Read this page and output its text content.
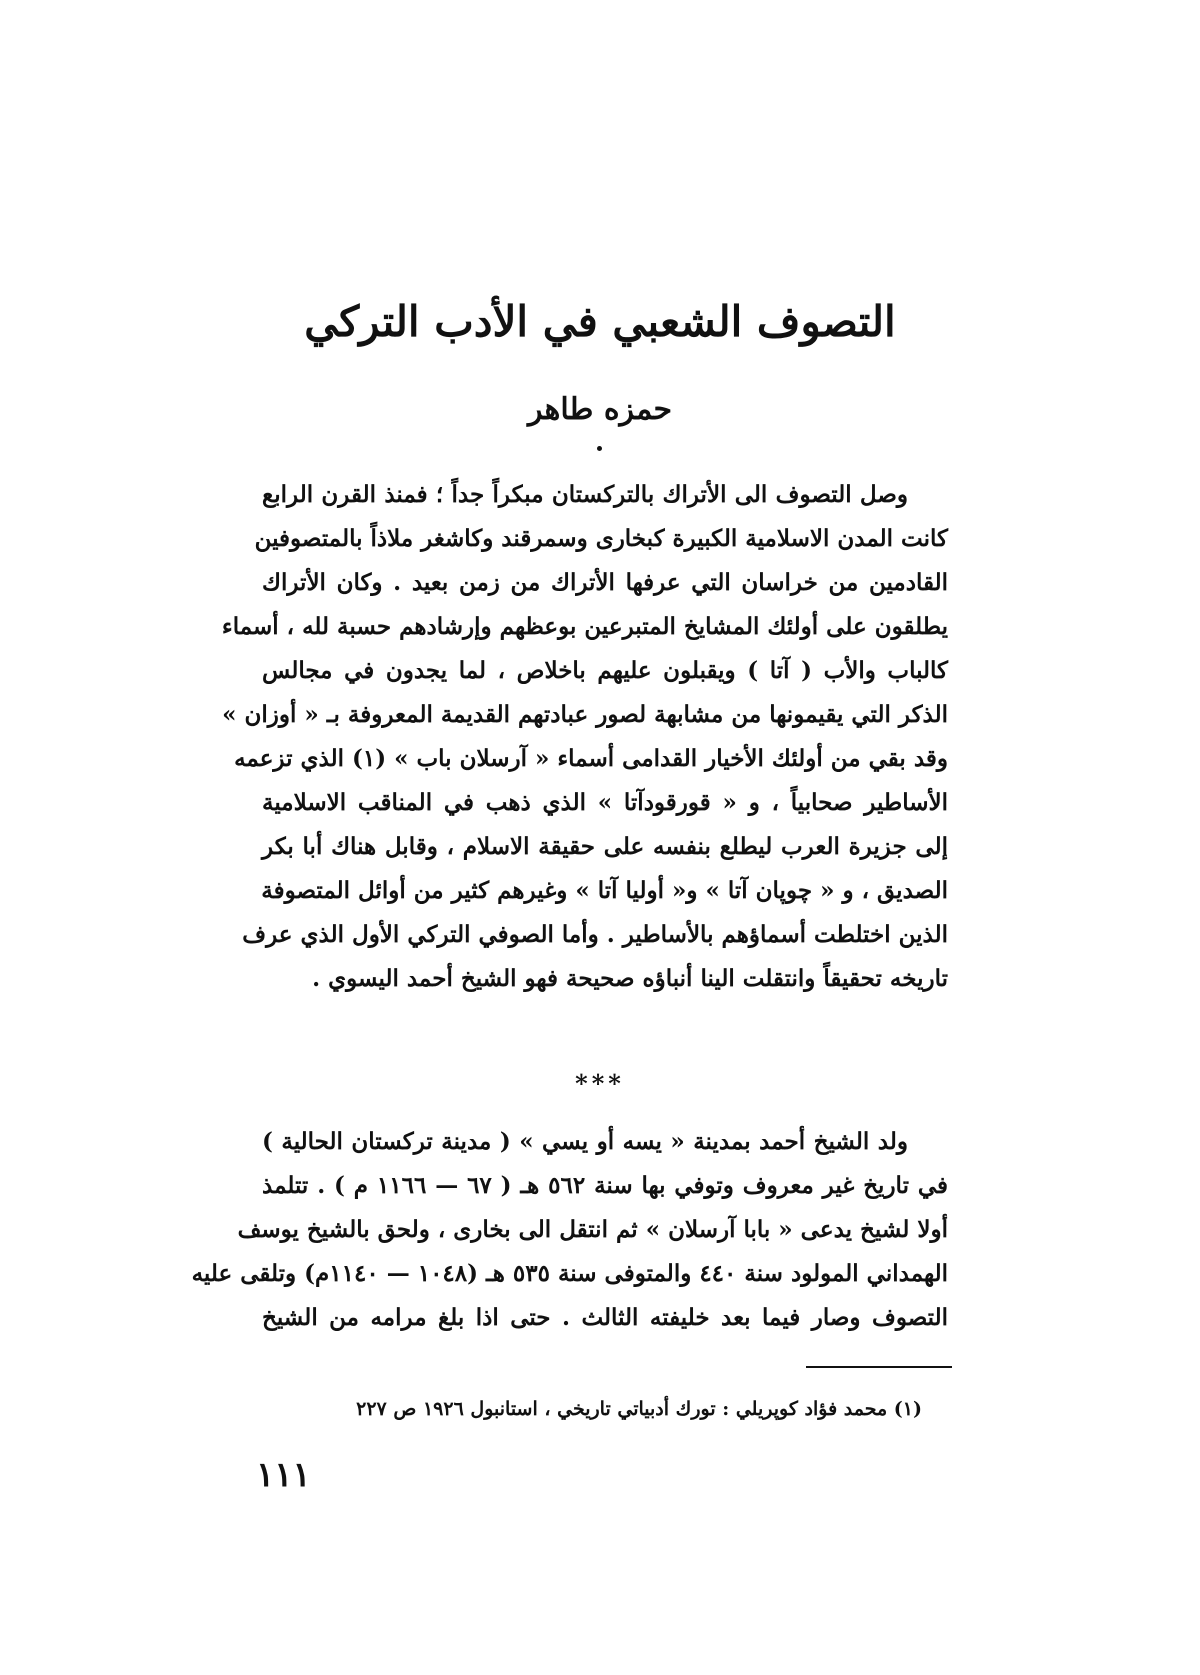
التصوف الشعبي في الأدب التركي
حمزه طاهر
وصل التصوف الى الأتراك بالتركستان مبكراً جداً ؛ فمنذ القرن الرابع
كانت المدن الاسلامية الكبيرة كبخارى وسمرقند وكاشغر ملاذاً بالمتصوفين
القادمين من خراسان التي عرفها الأتراك من زمن بعيد . وكان الأتراك
يطلقون على أولئك المشايخ المتبرعين بوعظهم وإرشادهم حسبة لله ، أسماء
كالباب والأب ( آتا ) ويقبلون عليهم باخلاص ، لما يجدون في مجالس
الذكر التي يقيمونها من مشابهة لصور عبادتهم القديمة المعروفة بـ « أوزان »
وقد بقي من أولئك الأخيار القدامى أسماء « آرسلان باب » (١) الذي تزعمه
الأساطير صحابياً ، و « قورقودآتا » الذي ذهب في المناقب الاسلامية
إلى جزيرة العرب ليطلع بنفسه على حقيقة الاسلام ، وقابل هناك أبا بكر
الصديق ، و « چوپان آتا » و« أوليا آتا » وغيرهم كثير من أوائل المتصوفة
الذين اختلطت أسماؤهم بالأساطير . وأما الصوفي التركي الأول الذي عرف
تاريخه تحقيقاً وانتقلت الينا أنباؤه صحيحة فهو الشيخ أحمد اليسوي .
***
ولد الشيخ أحمد بمدينة « يسه أو يسي » ( مدينة تركستان الحالية )
في تاريخ غير معروف وتوفي بها سنة ٥٦٢ هـ ( ٦٧ — ١١٦٦ م ) . تتلمذ
أولا لشيخ يدعى « بابا آرسلان » ثم انتقل الى بخارى ، ولحق بالشيخ يوسف
الهمداني المولود سنة ٤٤٠ والمتوفى سنة ٥٣٥ هـ (١٠٤٨ — ١١٤٠م) وتلقى عليه
التصوف وصار فيما بعد خليفته الثالث . حتى اذا بلغ مرامه من الشيخ
(١) محمد فؤاد كوپريلي : تورك أدبياتي تاريخي ، استانبول ١٩٢٦ ص ٢٢٧
١١١
